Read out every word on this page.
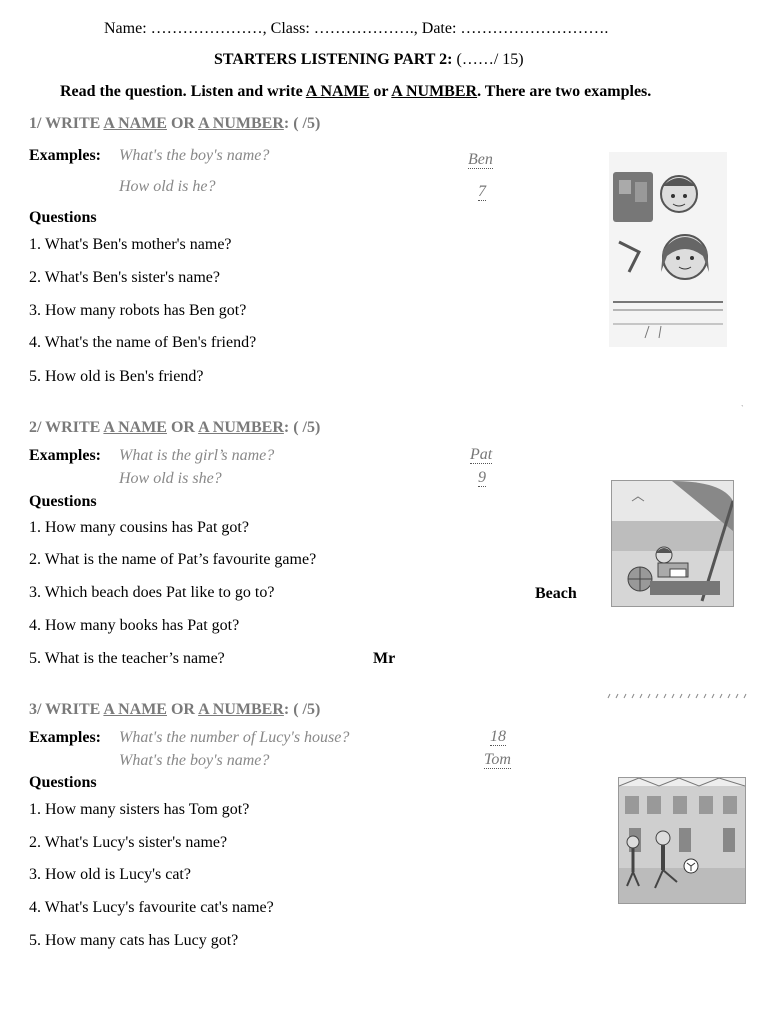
Name: …………………, Class: ………………., Date: ……………………….
STARTERS LISTENING PART 2: (……/ 15)
Read the question. Listen and write A NAME or A NUMBER. There are two examples.
1/ WRITE A NAME OR A NUMBER: ( /5)
Examples: What's the boy's name?	Ben
How old is he?	7
Questions
1. What's Ben's mother's name?
2. What's Ben's sister's name?
3. How many robots has Ben got?
4. What's the name of Ben's friend?
5. How old is Ben's friend?
2/ WRITE A NAME OR A NUMBER: ( /5)
Examples: What is the girl’s name?	Pat
How old is she?	9
Questions
1. How many cousins has Pat got?
2. What is the name of Pat’s favourite game?
3. Which beach does Pat like to go to?	Beach
4. How many books has Pat got?
5. What is the teacher’s name?	Mr
`
3/ WRITE A NAME OR A NUMBER: ( /5)
Examples: What's the number of Lucy's house?	18
What's the boy's name?	Tom
Questions
1. How many sisters has Tom got?
2. What's Lucy's sister's name?
3. How old is Lucy's cat?
4. What's Lucy's favourite cat's name?
5. How many cats has Lucy got?
